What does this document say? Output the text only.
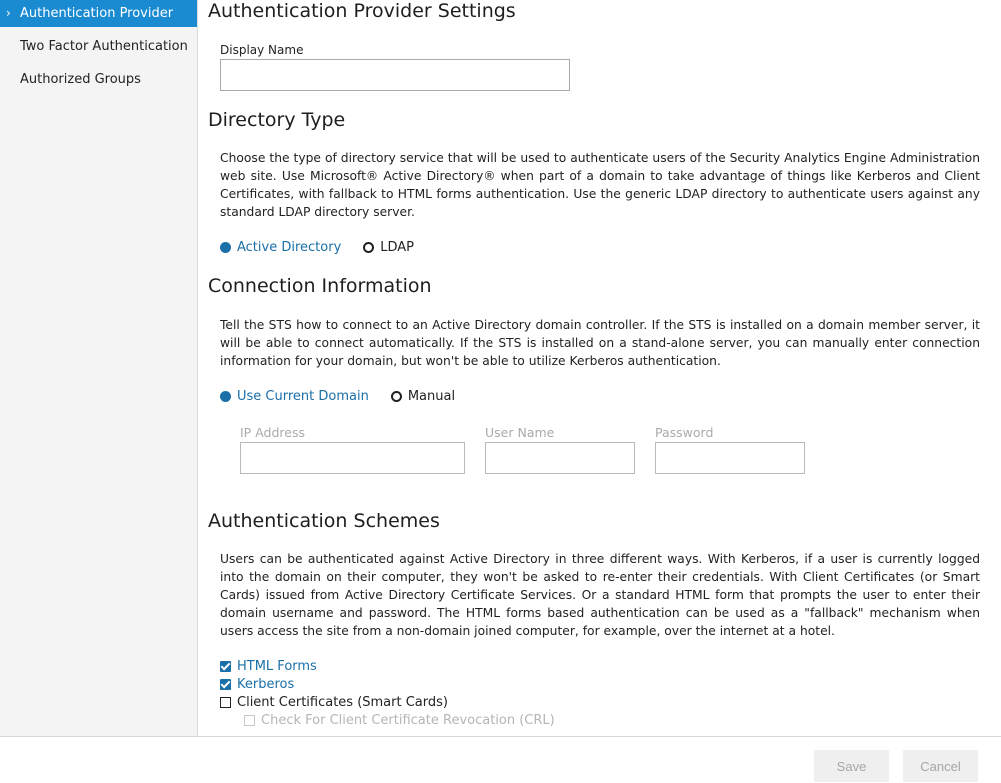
› Authentication Provider
Two Factor Authentication
Authorized Groups
Authentication Provider Settings
Display Name
Directory Type
Choose the type of directory service that will be used to authenticate users of the Security Analytics Engine Administration web site. Use Microsoft® Active Directory® when part of a domain to take advantage of things like Kerberos and Client Certificates, with fallback to HTML forms authentication. Use the generic LDAP directory to authenticate users against any standard LDAP directory server.
Active Directory	LDAP
Connection Information
Tell the STS how to connect to an Active Directory domain controller. If the STS is installed on a domain member server, it will be able to connect automatically. If the STS is installed on a stand-alone server, you can manually enter connection information for your domain, but won't be able to utilize Kerberos authentication.
Use Current Domain	Manual
IP Address	User Name	Password
Authentication Schemes
Users can be authenticated against Active Directory in three different ways. With Kerberos, if a user is currently logged into the domain on their computer, they won't be asked to re-enter their credentials. With Client Certificates (or Smart Cards) issued from Active Directory Certificate Services. Or a standard HTML form that prompts the user to enter their domain username and password. The HTML forms based authentication can be used as a "fallback" mechanism when users access the site from a non-domain joined computer, for example, over the internet at a hotel.
HTML Forms
Kerberos
Client Certificates (Smart Cards)
Check For Client Certificate Revocation (CRL)
Save	Cancel
